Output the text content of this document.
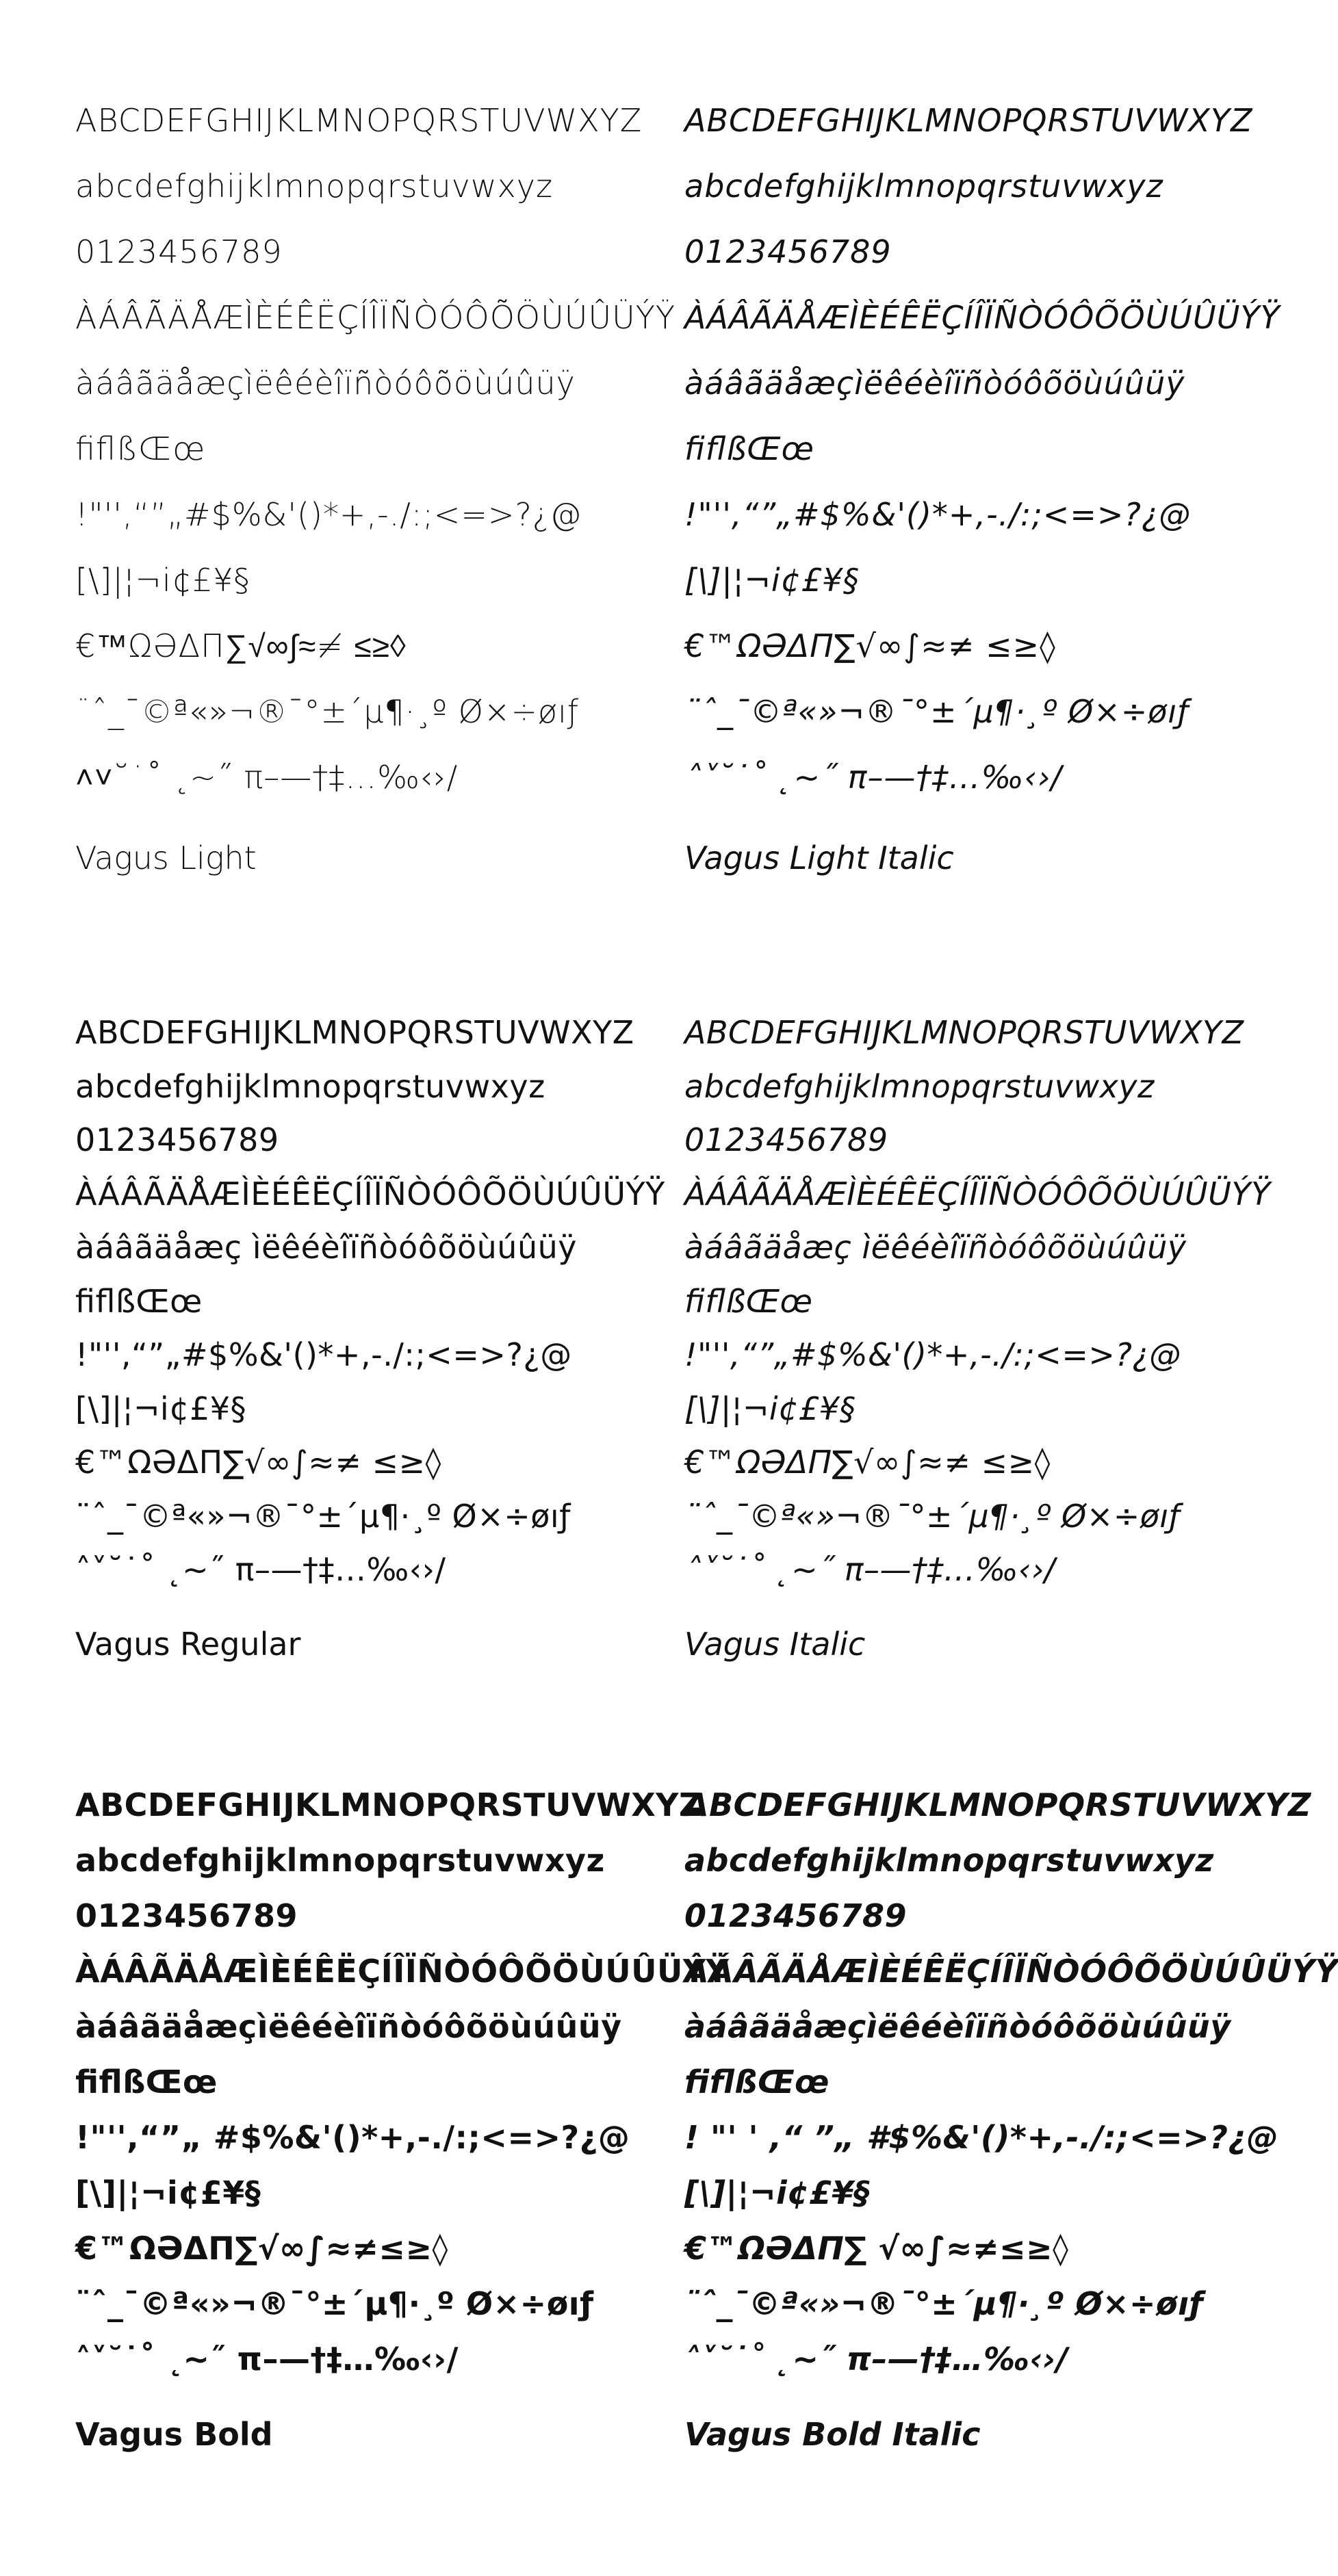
ABCDEFGHIJKLMNOPQRSTUVWXYZ
abcdefghijklmnopqrstuvwxyz
0123456789
ÀÁÂÃÄÅÆÌÈÉÊËÇÍÎÏÑÒÓÔÕÖÙÚÛÜÝŸ
àáâãäåæçìëêéèîïñòóôõöùúûüÿ
ﬁﬂßŒœ
!"'',“”„#$%&'()*+,-./:;<=>?¿@
[\]|¦¬i¢£¥§
€™ΩƏΔΠ∑√∞∫≈≠ ≤≥◊
¨ˆ_¯©ª«»¬®¯°±´µ¶·¸º Ø×÷øıƒ
˄˅˘˙˚ ˛~˝ π–—†‡…‰‹›/
Vagus Light
ABCDEFGHIJKLMNOPQRSTUVWXYZ
abcdefghijklmnopqrstuvwxyz
0123456789
ÀÁÂÃÄÅÆÌÈÉÊËÇÍÎÏÑÒÓÔÕÖÙÚÛÜÝŸ
àáâãäåæçìëêéèîïñòóôõöùúûüÿ
ﬁﬂßŒœ
!"'',“”„#$%&'()*+,-./:;<=>?¿@
[\]|¦¬i¢£¥§
€™ΩƏΔΠ∑√∞∫≈≠ ≤≥◊
¨ˆ_¯©ª«»¬®¯°±´µ¶·¸º Ø×÷øıƒ
˄˅˘˙˚ ˛~˝ π–—†‡…‰‹›/
Vagus Light Italic
ABCDEFGHIJKLMNOPQRSTUVWXYZ
abcdefghijklmnopqrstuvwxyz
0123456789
ÀÁÂÃÄÅÆÌÈÉÊËÇÍÎÏÑÒÓÔÕÖÙÚÛÜÝŸ
àáâãäåæç ìëêéèîïñòóôõöùúûüÿ
ﬁﬂßŒœ
!"'',“”„#$%&'()*+,-./:;<=>?¿@
[\]|¦¬i¢£¥§
€™ΩƏΔΠ∑√∞∫≈≠ ≤≥◊
¨ˆ_¯©ª«»¬®¯°±´µ¶·¸º Ø×÷øıƒ
˄˅˘˙˚ ˛~˝ π–—†‡…‰‹›/
Vagus Regular
ABCDEFGHIJKLMNOPQRSTUVWXYZ
abcdefghijklmnopqrstuvwxyz
0123456789
ÀÁÂÃÄÅÆÌÈÉÊËÇÍÎÏÑÒÓÔÕÖÙÚÛÜÝŸ
àáâãäåæç ìëêéèîïñòóôõöùúûüÿ
ﬁﬂßŒœ
!"'',“”„#$%&'()*+,-./:;<=>?¿@
[\]|¦¬i¢£¥§
€™ΩƏΔΠ∑√∞∫≈≠ ≤≥◊
¨ˆ_¯©ª«»¬®¯°±´µ¶·¸º Ø×÷øıƒ
˄˅˘˙˚ ˛~˝ π–—†‡…‰‹›/
Vagus Italic
ABCDEFGHIJKLMNOPQRSTUVWXYZ
abcdefghijklmnopqrstuvwxyz
0123456789
ÀÁÂÃÄÅÆÌÈÉÊËÇÍÎÏÑÒÓÔÕÖÙÚÛÜÝŸ
àáâãäåæçìëêéèîïñòóôõöùúûüÿ
ﬁﬂßŒœ
!"'',“”„ #$%&'()*+,-./:;<=>?¿@
[\]|¦¬i¢£¥§
€™ΩƏΔΠ∑√∞∫≈≠≤≥◊
¨ˆ_¯©ª«»¬®¯°±´µ¶·¸º Ø×÷øıƒ
˄˅˘˙˚ ˛~˝ π–—†‡…‰‹›/
Vagus Bold
ABCDEFGHIJKLMNOPQRSTUVWXYZ
abcdefghijklmnopqrstuvwxyz
0123456789
ÀÁÂÃÄÅÆÌÈÉÊËÇÍÎÏÑÒÓÔÕÖÙÚÛÜÝŸ
àáâãäåæçìëêéèîïñòóôõöùúûüÿ
ﬁﬂßŒœ
! "' ' ,“ ”„ #$%&'()*+,-./:;<=>?¿@
[\]|¦¬i¢£¥§
€™ΩƏΔΠ∑ √∞∫≈≠≤≥◊
¨ˆ_¯©ª«»¬®¯°±´µ¶·¸º Ø×÷øıƒ
˄˅˘˙˚ ˛~˝ π–—†‡…‰‹›/
Vagus Bold Italic
